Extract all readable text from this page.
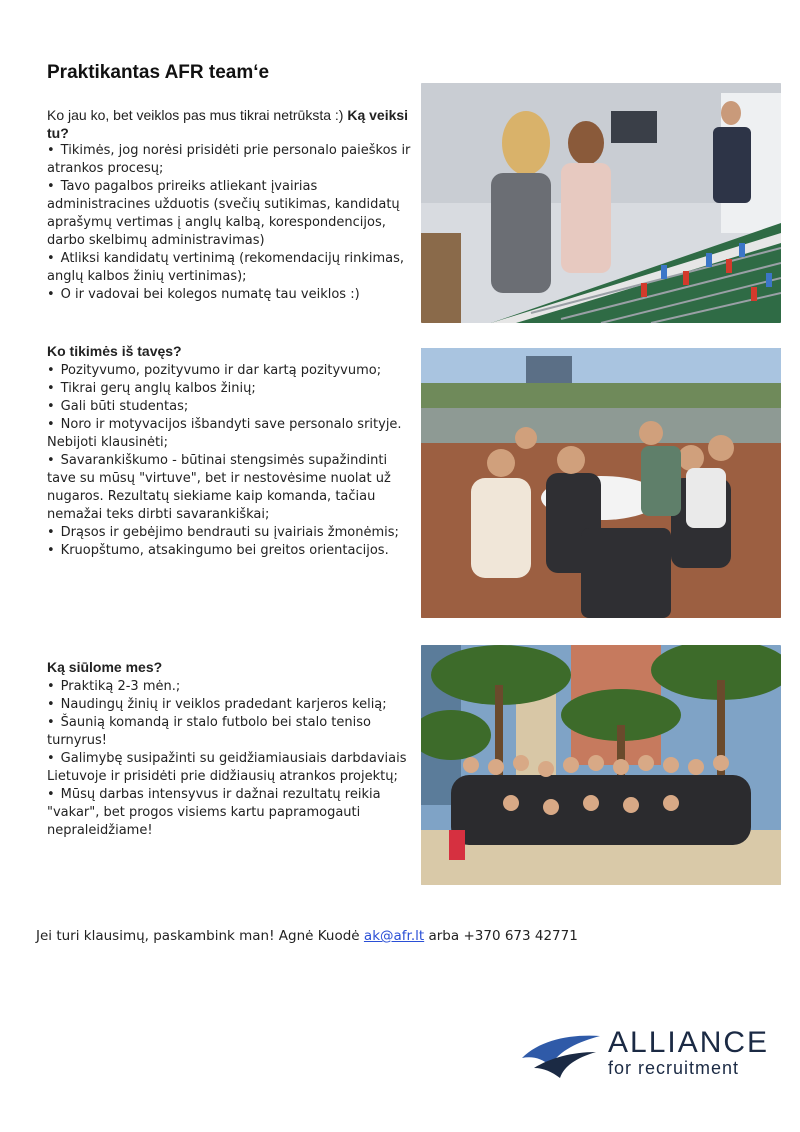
Praktikantas AFR team‘e
Ko jau ko, bet veiklos pas mus tikrai netrūksta :) Ką veiksi tu?
• Tikimės, jog norėsi prisidėti prie personalo paieškos ir atrankos procesų;
• Tavo pagalbos prireiks atliekant įvairias administracines užduotis (svečių sutikimas, kandidatų aprašymų vertimas į anglų kalbą, korespondencijos, darbo skelbimų administravimas)
• Atliksi kandidatų vertinimą (rekomendacijų rinkimas, anglų kalbos žinių vertinimas);
• O ir vadovai bei kolegos numatę tau veiklos :)
Ko tikimės iš tavęs?
• Pozityvumo, pozityvumo ir dar kartą pozityvumo;
• Tikrai gerų anglų kalbos žinių;
• Gali būti studentas;
• Noro ir motyvacijos išbandyti save personalo srityje. Nebijoti klausinėti;
• Savarankiškumo - būtinai stengsimės supažindinti tave su mūsų "virtuve", bet ir nestovėsime nuolat už nugaros. Rezultatų siekiame kaip komanda, tačiau nemažai teks dirbti savarankiškai;
• Drąsos ir gebėjimo bendrauti su įvairiais žmonėmis;
• Kruopštumo, atsakingumo bei greitos orientacijos.
Ką siūlome mes?
• Praktiką 2-3 mėn.;
• Naudingų žinių ir veiklos pradedant karjeros kelią;
• Šaunią komandą ir stalo futbolo bei stalo teniso turnyrus!
• Galimybę susipažinti su geidžiamiausiais darbdaviais Lietuvoje ir prisidėti prie didžiausių atrankos projektų;
• Mūsų darbas intensyvus ir dažnai rezultatų reikia "vakar", bet progos visiems kartu papramogauti nepraleidžiame!
Jei turi klausimų, paskambink man! Agnė Kuodė ak@afr.lt arba +370 673 42771
ALLIANCE
for recruitment
